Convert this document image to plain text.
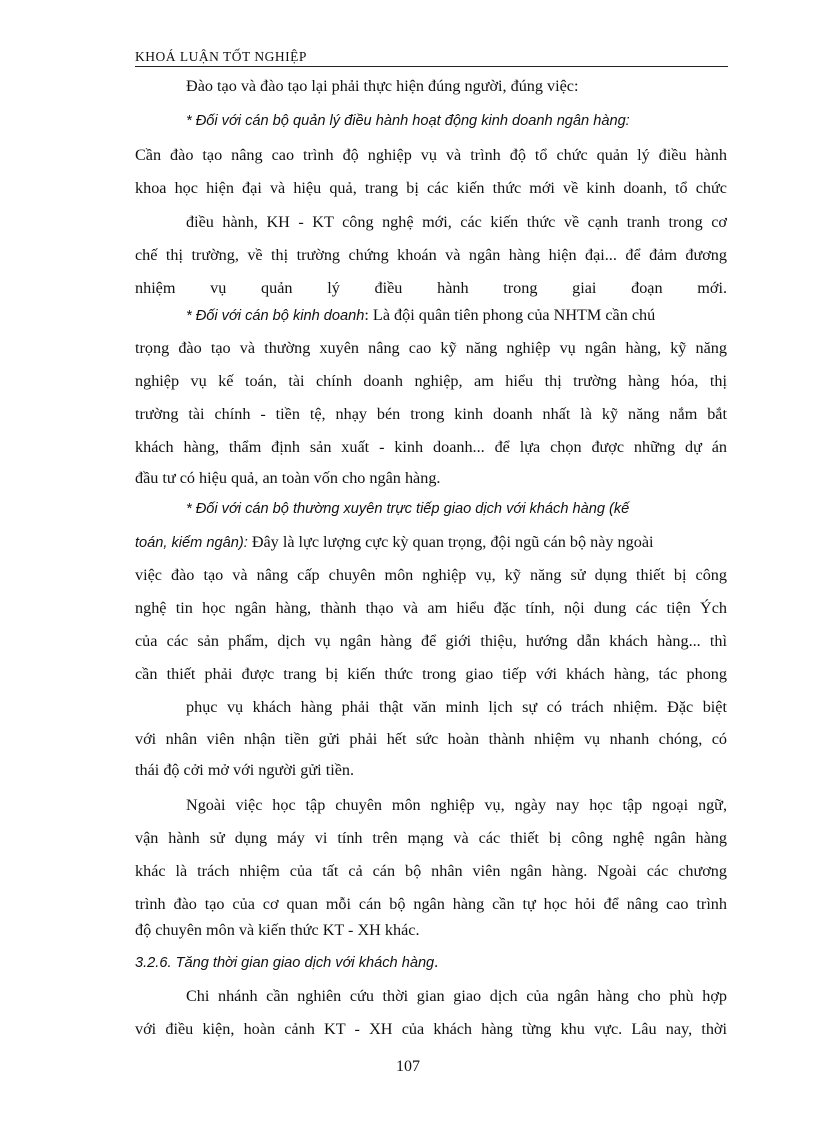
KHOÁ LUẬN TỐT NGHIỆP
Đào tạo và đào tạo lại phải thực hiện đúng người, đúng việc:
* Đối với cán bộ quản lý điều hành hoạt động kinh doanh ngân hàng:
Cần đào tạo nâng cao trình độ nghiệp vụ và trình độ tổ chức quản lý điều hành
khoa học hiện đại và hiệu quả, trang bị các kiến thức mới về kinh doanh, tổ chức
điều hành, KH - KT công nghệ mới, các kiến thức về cạnh tranh trong cơ
chế thị trường, về thị trường chứng khoán và ngân hàng hiện đại... để đảm đương
nhiệm vụ quản lý điều hành trong giai đoạn mới.
* Đối với cán bộ kinh doanh: Là đội quân tiên phong của NHTM cần chú
trọng đào tạo và thường xuyên nâng cao kỹ năng nghiệp vụ ngân hàng, kỹ năng
nghiệp vụ kế toán, tài chính doanh nghiệp, am hiểu thị trường hàng hóa, thị
trường tài chính - tiền tệ, nhạy bén trong kinh doanh nhất là kỹ năng nắm bắt
khách hàng, thẩm định sản xuất - kinh doanh... để lựa chọn được những dự án
đầu tư có hiệu quả, an toàn vốn cho ngân hàng.
* Đối với cán bộ thường xuyên trực tiếp giao dịch với khách hàng (kế
toán, kiểm ngân): Đây là lực lượng cực kỳ quan trọng, đội ngũ cán bộ này ngoài
việc đào tạo và nâng cấp chuyên môn nghiệp vụ, kỹ năng sử dụng thiết bị công
nghệ tin học ngân hàng, thành thạo và am hiểu đặc tính, nội dung các tiện Ých
của các sản phẩm, dịch vụ ngân hàng để giới thiệu, hướng dẫn khách hàng... thì
cần thiết phải được trang bị kiến thức trong giao tiếp với khách hàng, tác phong
phục vụ khách hàng phải thật văn minh lịch sự có trách nhiệm. Đặc biệt
với nhân viên nhận tiền gửi phải hết sức hoàn thành nhiệm vụ nhanh chóng, có
thái độ cởi mở với người gửi tiền.
Ngoài việc học tập chuyên môn nghiệp vụ, ngày nay học tập ngoại ngữ,
vận hành sử dụng máy vi tính trên mạng và các thiết bị công nghệ ngân hàng
khác là trách nhiệm của tất cả cán bộ nhân viên ngân hàng. Ngoài các chương
trình đào tạo của cơ quan mỗi cán bộ ngân hàng cần tự học hỏi để nâng cao trình
độ chuyên môn và kiến thức KT - XH khác.
3.2.6. Tăng thời gian giao dịch với khách hàng.
Chi nhánh cần nghiên cứu thời gian giao dịch của ngân hàng cho phù hợp
với điều kiện, hoàn cảnh KT - XH của khách hàng từng khu vực. Lâu nay, thời
107
